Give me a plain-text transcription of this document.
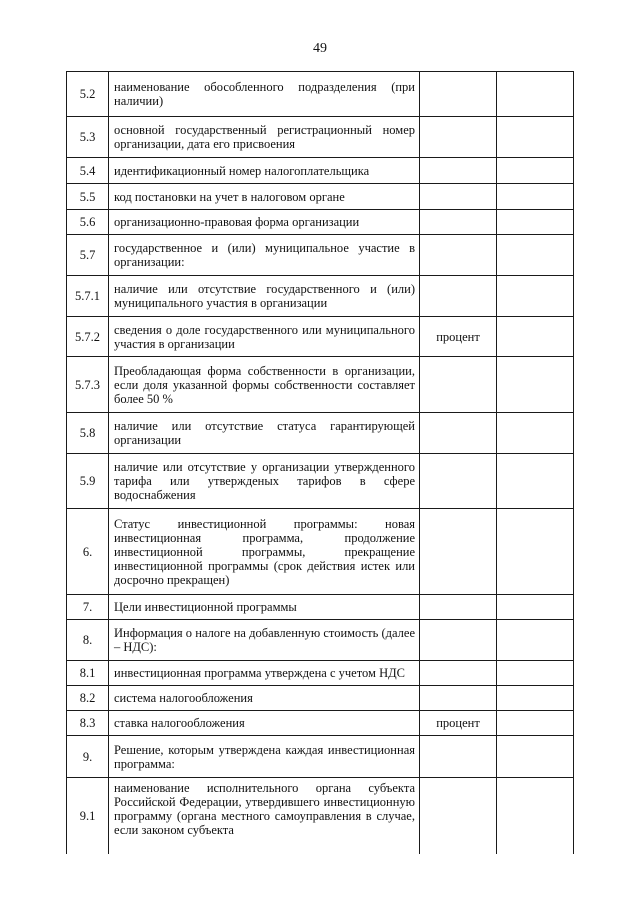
49
5.2	наименование обособленного подразделения (при наличии)		
5.3	основной государственный регистрационный номер организации, дата его присвоения		
5.4	идентификационный номер налогоплательщика		
5.5	код постановки на учет в налоговом органе		
5.6	организационно-правовая форма организации		
5.7	государственное и (или) муниципальное участие в организации:		
5.7.1	наличие или отсутствие государственного и (или) муниципального участия в организации		
5.7.2	сведения о доле государственного или муниципального участия в организации	процент	
5.7.3	Преобладающая форма собственности в организации, если доля указанной формы собственности составляет более 50 %		
5.8	наличие или отсутствие статуса гарантирующей организации		
5.9	наличие или отсутствие у организации утвержденного тарифа или утвержденых тарифов в сфере водоснабжения		
6.	Статус инвестиционной программы: новая инвестиционная программа, продолжение инвестиционной программы, прекращение инвестиционной программы (срок действия истек или досрочно прекращен)		
7.	Цели инвестиционной программы		
8.	Информация о налоге на добавленную стоимость (далее – НДС):		
8.1	инвестиционная программа утверждена с учетом НДС		
8.2	система налогообложения		
8.3	ставка налогообложения	процент	
9.	Решение, которым утверждена каждая инвестиционная программа:		
9.1	наименование исполнительного органа субъекта Российской Федерации, утвердившего инвестиционную программу (органа местного самоуправления в случае, если законом субъекта		
